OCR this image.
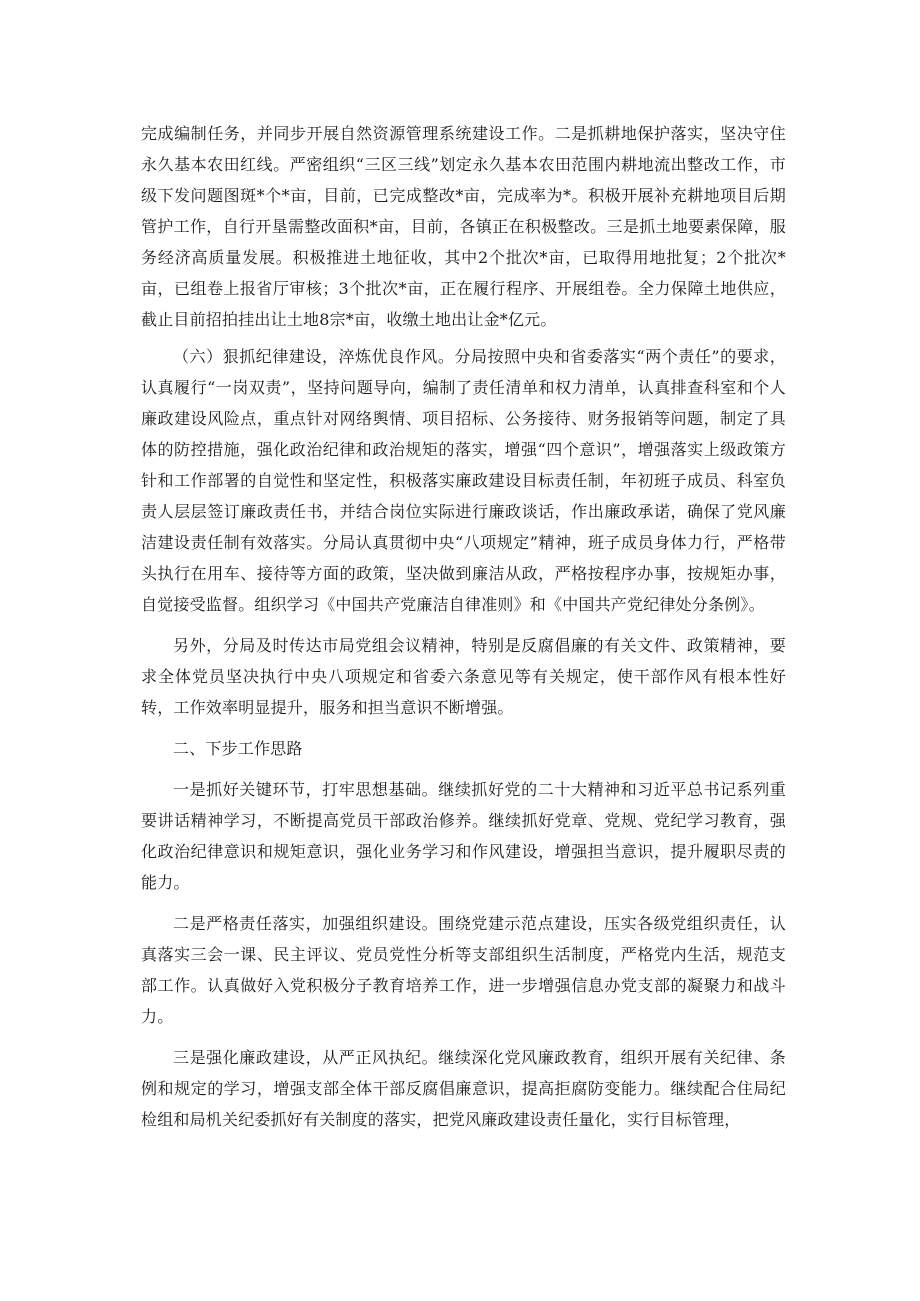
完成编制任务，并同步开展自然资源管理系统建设工作。二是抓耕地保护落实，坚决守住永久基本农田红线。严密组织“三区三线”划定永久基本农田范围内耕地流出整改工作，市级下发问题图斑*个*亩，目前，已完成整改*亩，完成率为*。积极开展补充耕地项目后期管护工作，自行开垦需整改面积*亩，目前，各镇正在积极整改。三是抓土地要素保障，服务经济高质量发展。积极推进土地征收，其中2个批次*亩，已取得用地批复；2个批次*亩，已组卷上报省厅审核；3个批次*亩，正在履行程序、开展组卷。全力保障土地供应，截止目前招拍挂出让土地8宗*亩，收缴土地出让金*亿元。

（六）狠抓纪律建设，淬炼优良作风。分局按照中央和省委落实“两个责任”的要求，认真履行“一岗双责”，坚持问题导向，编制了责任清单和权力清单，认真排查科室和个人廉政建设风险点，重点针对网络舆情、项目招标、公务接待、财务报销等问题，制定了具体的防控措施，强化政治纪律和政治规矩的落实，增强“四个意识”，增强落实上级政策方针和工作部署的自觉性和坚定性，积极落实廉政建设目标责任制，年初班子成员、科室负责人层层签订廉政责任书，并结合岗位实际进行廉政谈话，作出廉政承诺，确保了党风廉洁建设责任制有效落实。分局认真贯彻中央“八项规定”精神，班子成员身体力行，严格带头执行在用车、接待等方面的政策，坚决做到廉洁从政，严格按程序办事，按规矩办事，自觉接受监督。组织学习《中国共产党廉洁自律准则》和《中国共产党纪律处分条例》。

另外，分局及时传达市局党组会议精神，特别是反腐倡廉的有关文件、政策精神，要求全体党员坚决执行中央八项规定和省委六条意见等有关规定，使干部作风有根本性好转，工作效率明显提升，服务和担当意识不断增强。

二、下步工作思路

一是抓好关键环节，打牢思想基础。继续抓好党的二十大精神和习近平总书记系列重要讲话精神学习，不断提高党员干部政治修养。继续抓好党章、党规、党纪学习教育，强化政治纪律意识和规矩意识，强化业务学习和作风建设，增强担当意识，提升履职尽责的能力。

二是严格责任落实，加强组织建设。围绕党建示范点建设，压实各级党组织责任，认真落实三会一课、民主评议、党员党性分析等支部组织生活制度，严格党内生活，规范支部工作。认真做好入党积极分子教育培养工作，进一步增强信息办党支部的凝聚力和战斗力。

三是强化廉政建设，从严正风执纪。继续深化党风廉政教育，组织开展有关纪律、条例和规定的学习，增强支部全体干部反腐倡廉意识，提高拒腐防变能力。继续配合住局纪检组和局机关纪委抓好有关制度的落实，把党风廉政建设责任量化，实行目标管理，
